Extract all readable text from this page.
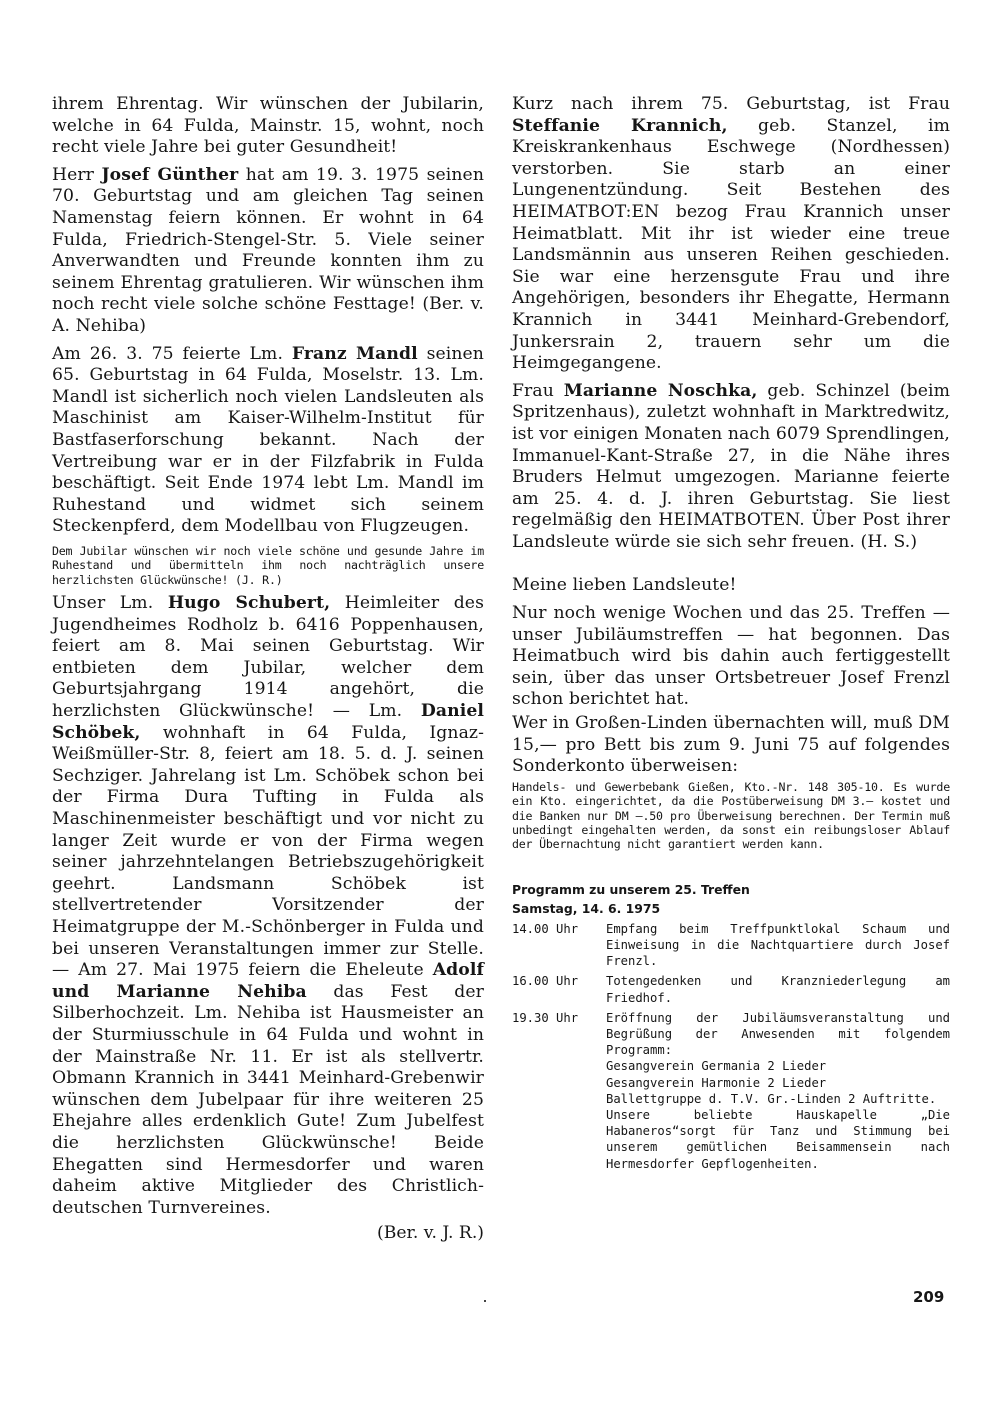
ihrem Ehrentag. Wir wünschen der Jubilarin, welche in 64 Fulda, Mainstr. 15, wohnt, noch recht viele Jahre bei guter Gesundheit!

Herr Josef Günther hat am 19. 3. 1975 seinen 70. Geburtstag und am gleichen Tag seinen Namenstag feiern können. Er wohnt in 64 Fulda, Friedrich-Stengel-Str. 5. Viele seiner Anverwandten und Freunde konnten ihm zu seinem Ehrentag gratulieren. Wir wünschen ihm noch recht viele solche schöne Festtage! (Ber. v. A. Nehiba)

Am 26. 3. 75 feierte Lm. Franz Mandl seinen 65. Geburtstag in 64 Fulda, Moselstr. 13. Lm. Mandl ist sicherlich noch vielen Landsleuten als Maschinist am Kaiser-Wilhelm-Institut für Bastfaserforschung bekannt. Nach der Vertreibung war er in der Filzfabrik in Fulda beschäftigt. Seit Ende 1974 lebt Lm. Mandl im Ruhestand und widmet sich seinem Steckenpferd, dem Modellbau von Flugzeugen.

Dem Jubilar wünschen wir noch viele schöne und gesunde Jahre im Ruhestand und übermitteln ihm noch nachträglich unsere herzlichsten Glückwünsche! (J. R.)

Unser Lm. Hugo Schubert, Heimleiter des Jugendheimes Rodholz b. 6416 Poppenhausen, feiert am 8. Mai seinen Geburtstag. Wir entbieten dem Jubilar, welcher dem Geburtsjahrgang 1914 angehört, die herzlichsten Glückwünsche! — Lm. Daniel Schöbek, wohnhaft in 64 Fulda, Ignaz-Weißmüller-Str. 8, feiert am 18. 5. d. J. seinen Sechziger. Jahrelang ist Lm. Schöbek schon bei der Firma Dura Tufting in Fulda als Maschinenmeister beschäftigt und vor nicht zu langer Zeit wurde er von der Firma wegen seiner jahrzehntelangen Betriebszugehörigkeit geehrt. Landsmann Schöbek ist stellvertretender Vorsitzender der Heimatgruppe der M.-Schönberger in Fulda und bei unseren Veranstaltungen immer zur Stelle. — Am 27. Mai 1975 feiern die Eheleute Adolf und Marianne Nehiba das Fest der Silberhochzeit. Lm. Nehiba ist Hausmeister an der Sturmiusschule in 64 Fulda und wohnt in der Mainstraße Nr. 11. Er ist als stellvertr. Obmann Krannich in 3441 Meinhard-Grebenwir wünschen dem Jubelpaar für ihre weiteren 25 Ehejahre alles erdenklich Gute! Zum Jubelfest die herzlichsten Glückwünsche! Beide Ehegatten sind Hermesdorfer und waren daheim aktive Mitglieder des Christlich-deutschen Turnvereines.

(Ber. v. J. R.)

Kurz nach ihrem 75. Geburtstag, ist Frau Steffanie Krannich, geb. Stanzel, im Kreiskrankenhaus Eschwege (Nordhessen) verstorben. Sie starb an einer Lungenentzündung. Seit Bestehen des HEIMATBOT:EN bezog Frau Krannich unser Heimatblatt. Mit ihr ist wieder eine treue Landsmännin aus unseren Reihen geschieden. Sie war eine herzensgute Frau und ihre Angehörigen, besonders ihr Ehegatte, Hermann Krannich in 3441 Meinhard-Grebendorf, Junkersrain 2, trauern sehr um die Heimgegangene.

Frau Marianne Noschka, geb. Schinzel (beim Spritzenhaus), zuletzt wohnhaft in Marktredwitz, ist vor einigen Monaten nach 6079 Sprendlingen, Immanuel-Kant-Straße 27, in die Nähe ihres Bruders Helmut umgezogen. Marianne feierte am 25. 4. d. J. ihren Geburtstag. Sie liest regelmäßig den HEIMATBOTEN. Über Post ihrer Landsleute würde sie sich sehr freuen. (H. S.)

Meine lieben Landsleute!

Nur noch wenige Wochen und das 25. Treffen — unser Jubiläumstreffen — hat begonnen. Das Heimatbuch wird bis dahin auch fertiggestellt sein, über das unser Ortsbetreuer Josef Frenzl schon berichtet hat.

Wer in Großen-Linden übernachten will, muß DM 15,— pro Bett bis zum 9. Juni 75 auf folgendes Sonderkonto überweisen:

Handels- und Gewerbebank Gießen, Kto.-Nr. 148 305-10. Es wurde ein Kto. eingerichtet, da die Postüberweisung DM 3.– kostet und die Banken nur DM –.50 pro Überweisung berechnen. Der Termin muß unbedingt eingehalten werden, da sonst ein reibungsloser Ablauf der Übernachtung nicht garantiert werden kann.

Programm zu unserem 25. Treffen

Samstag, 14. 6. 1975

14.00 Uhr	Empfang beim Treffpunktlokal Schaum und Einweisung in die Nachtquartiere durch Josef Frenzl.
16.00 Uhr	Totengedenken und Kranzniederlegung am Friedhof.
19.30 Uhr	Eröffnung der Jubiläumsveranstaltung und Begrüßung der Anwesenden mit folgendem Programm:
Gesangverein Germania 2 Lieder
Gesangverein Harmonie 2 Lieder
Ballettgruppe d. T.V. Gr.-Linden 2 Auftritte.
Unsere beliebte Hauskapelle „Die Habaneros“sorgt für Tanz und Stimmung bei unserem gemütlichen Beisammensein nach Hermesdorfer Gepflogenheiten.
209
